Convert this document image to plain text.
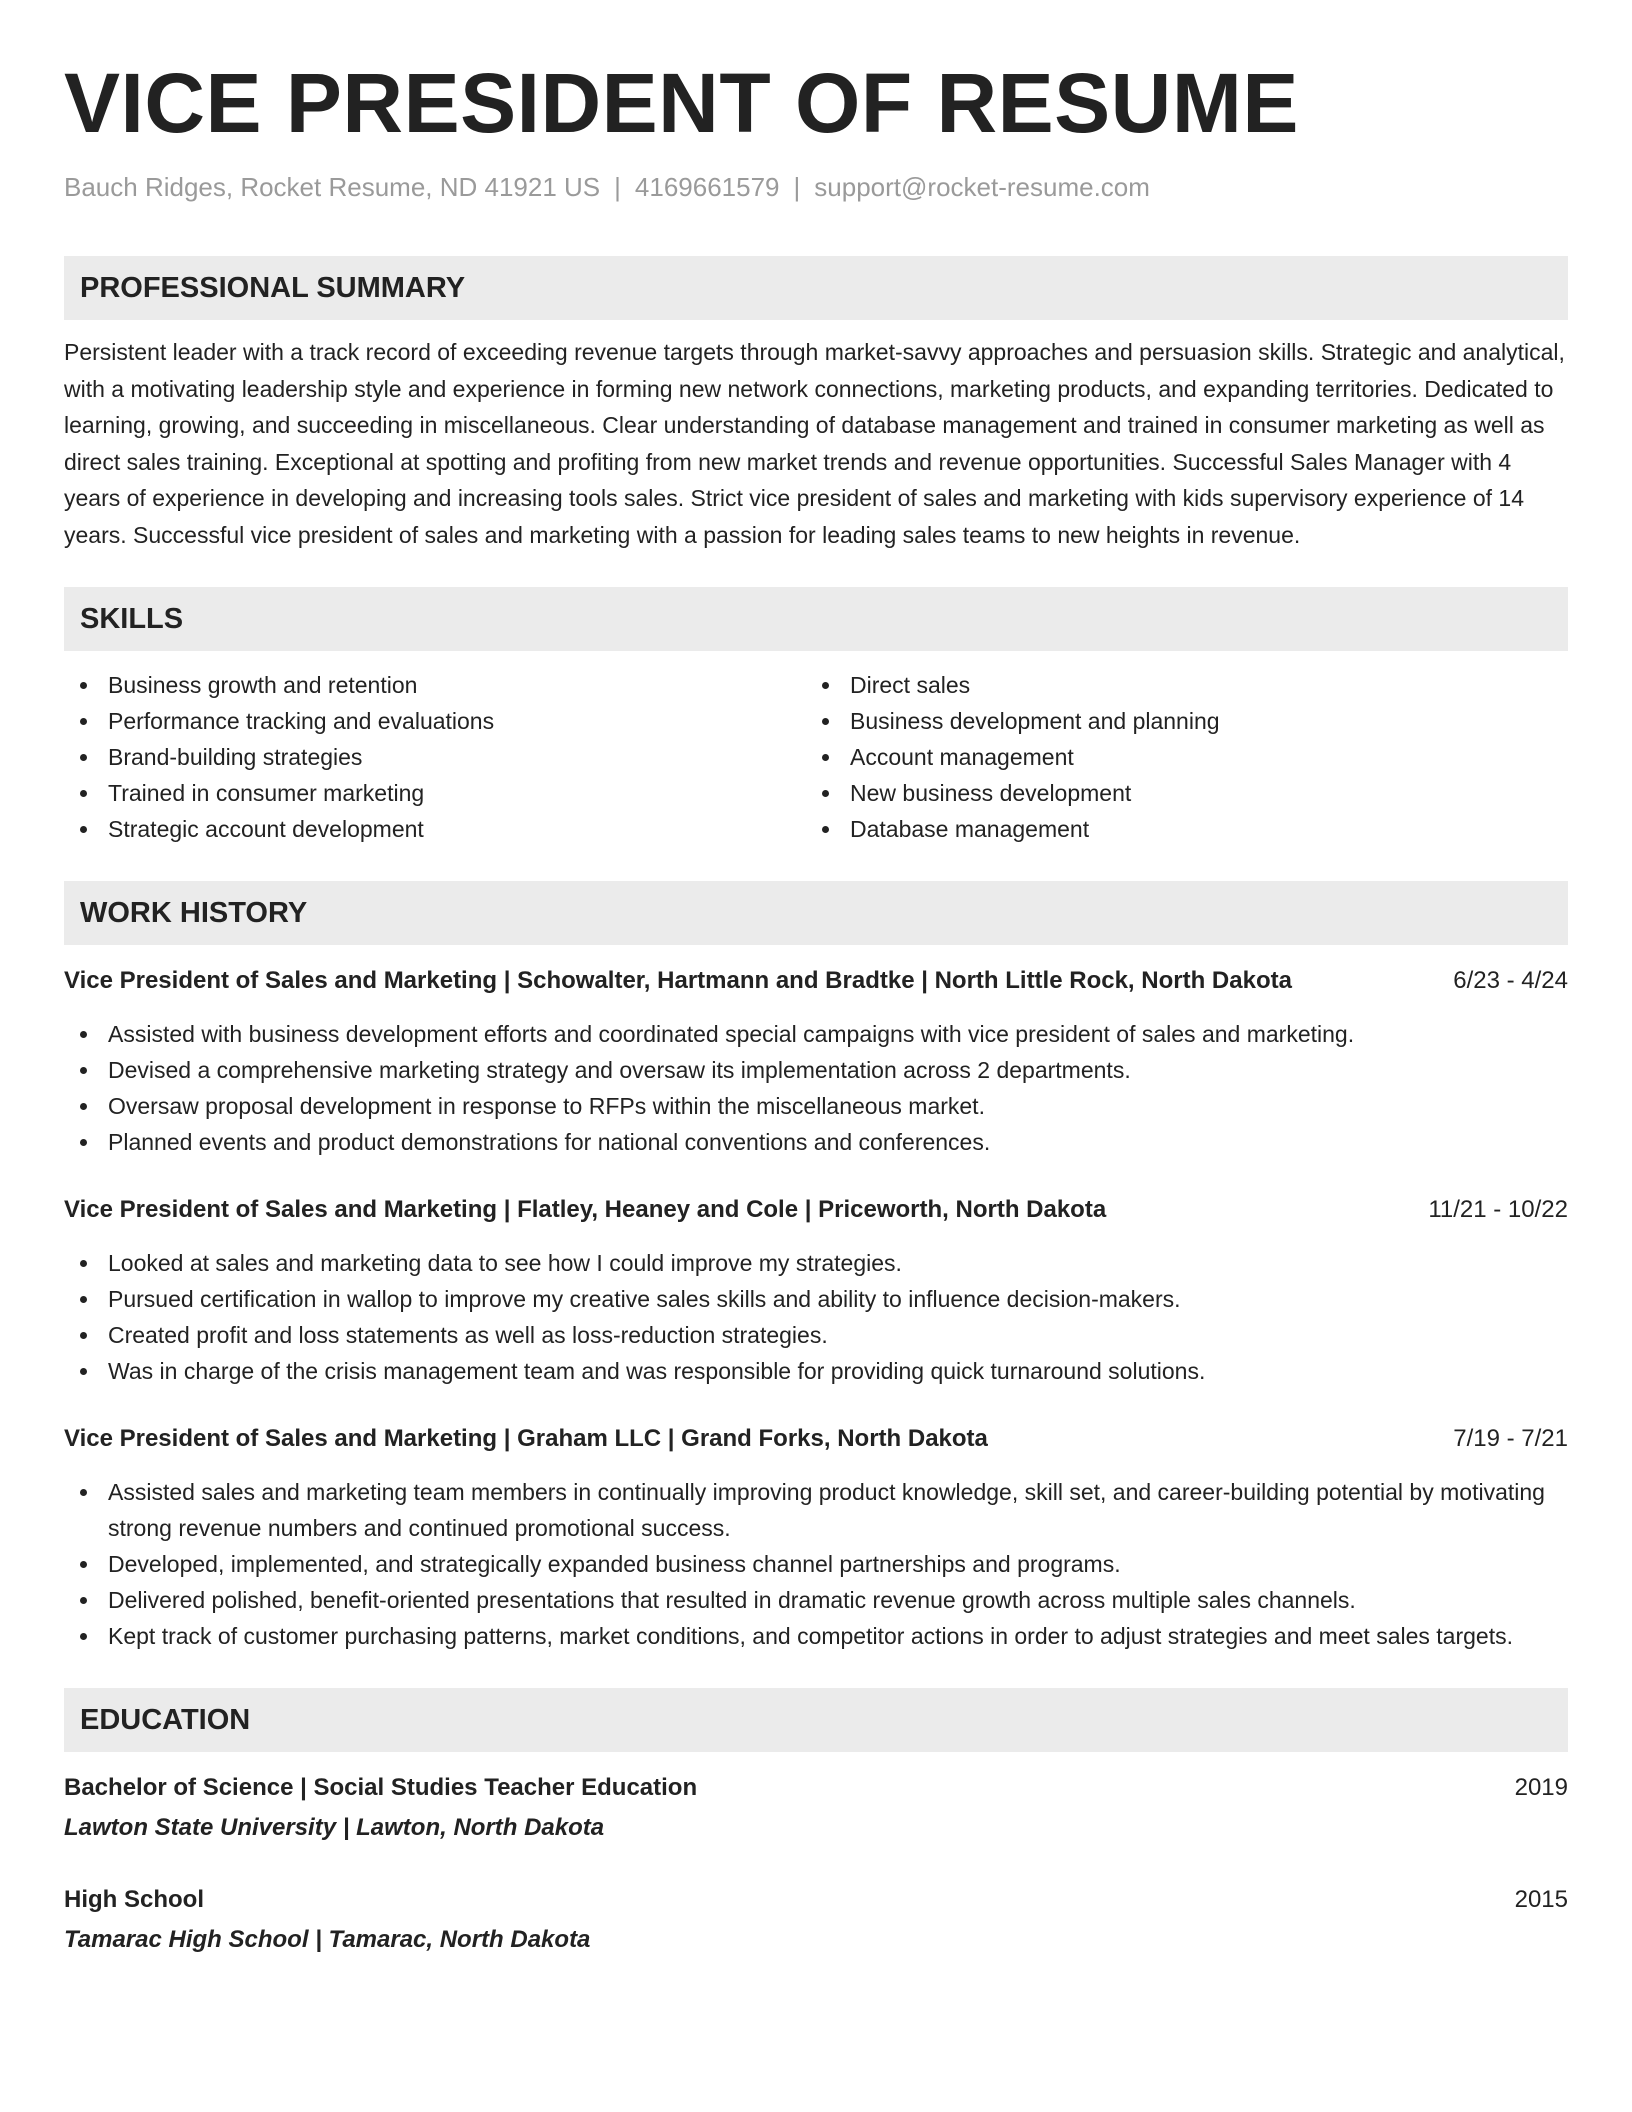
VICE PRESIDENT OF RESUME
Bauch Ridges, Rocket Resume, ND 41921 US | 4169661579 | support@rocket-resume.com
PROFESSIONAL SUMMARY
Persistent leader with a track record of exceeding revenue targets through market-savvy approaches and persuasion skills. Strategic and analytical, with a motivating leadership style and experience in forming new network connections, marketing products, and expanding territories. Dedicated to learning, growing, and succeeding in miscellaneous. Clear understanding of database management and trained in consumer marketing as well as direct sales training. Exceptional at spotting and profiting from new market trends and revenue opportunities. Successful Sales Manager with 4 years of experience in developing and increasing tools sales. Strict vice president of sales and marketing with kids supervisory experience of 14 years. Successful vice president of sales and marketing with a passion for leading sales teams to new heights in revenue.
SKILLS
Business growth and retention
Performance tracking and evaluations
Brand-building strategies
Trained in consumer marketing
Strategic account development
Direct sales
Business development and planning
Account management
New business development
Database management
WORK HISTORY
Vice President of Sales and Marketing | Schowalter, Hartmann and Bradtke | North Little Rock, North Dakota	6/23 - 4/24
Assisted with business development efforts and coordinated special campaigns with vice president of sales and marketing.
Devised a comprehensive marketing strategy and oversaw its implementation across 2 departments.
Oversaw proposal development in response to RFPs within the miscellaneous market.
Planned events and product demonstrations for national conventions and conferences.
Vice President of Sales and Marketing | Flatley, Heaney and Cole | Priceworth, North Dakota	11/21 - 10/22
Looked at sales and marketing data to see how I could improve my strategies.
Pursued certification in wallop to improve my creative sales skills and ability to influence decision-makers.
Created profit and loss statements as well as loss-reduction strategies.
Was in charge of the crisis management team and was responsible for providing quick turnaround solutions.
Vice President of Sales and Marketing | Graham LLC | Grand Forks, North Dakota	7/19 - 7/21
Assisted sales and marketing team members in continually improving product knowledge, skill set, and career-building potential by motivating strong revenue numbers and continued promotional success.
Developed, implemented, and strategically expanded business channel partnerships and programs.
Delivered polished, benefit-oriented presentations that resulted in dramatic revenue growth across multiple sales channels.
Kept track of customer purchasing patterns, market conditions, and competitor actions in order to adjust strategies and meet sales targets.
EDUCATION
Bachelor of Science | Social Studies Teacher Education	2019
Lawton State University | Lawton, North Dakota
High School	2015
Tamarac High School | Tamarac, North Dakota
